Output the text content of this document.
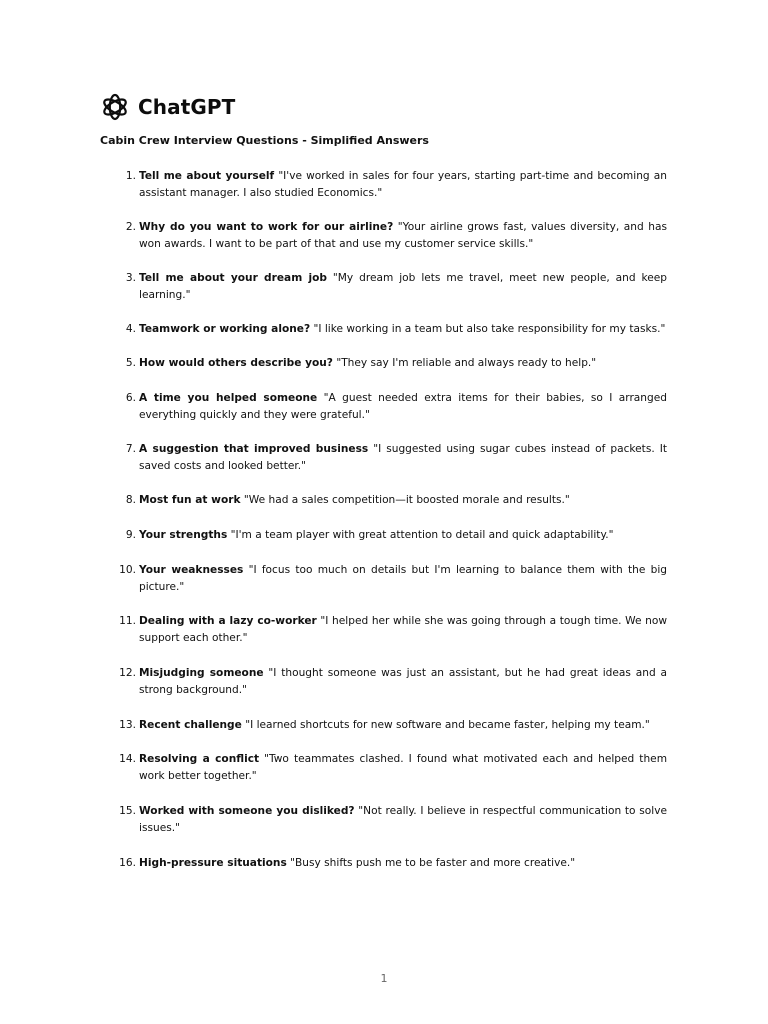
ChatGPT
Cabin Crew Interview Questions - Simplified Answers
1. Tell me about yourself "I've worked in sales for four years, starting part-time and becoming an assistant manager. I also studied Economics."
2. Why do you want to work for our airline? "Your airline grows fast, values diversity, and has won awards. I want to be part of that and use my customer service skills."
3. Tell me about your dream job "My dream job lets me travel, meet new people, and keep learning."
4. Teamwork or working alone? "I like working in a team but also take responsibility for my tasks."
5. How would others describe you? "They say I'm reliable and always ready to help."
6. A time you helped someone "A guest needed extra items for their babies, so I arranged everything quickly and they were grateful."
7. A suggestion that improved business "I suggested using sugar cubes instead of packets. It saved costs and looked better."
8. Most fun at work "We had a sales competition—it boosted morale and results."
9. Your strengths "I'm a team player with great attention to detail and quick adaptability."
10. Your weaknesses "I focus too much on details but I'm learning to balance them with the big picture."
11. Dealing with a lazy co-worker "I helped her while she was going through a tough time. We now support each other."
12. Misjudging someone "I thought someone was just an assistant, but he had great ideas and a strong background."
13. Recent challenge "I learned shortcuts for new software and became faster, helping my team."
14. Resolving a conflict "Two teammates clashed. I found what motivated each and helped them work better together."
15. Worked with someone you disliked? "Not really. I believe in respectful communication to solve issues."
16. High-pressure situations "Busy shifts push me to be faster and more creative."
1
